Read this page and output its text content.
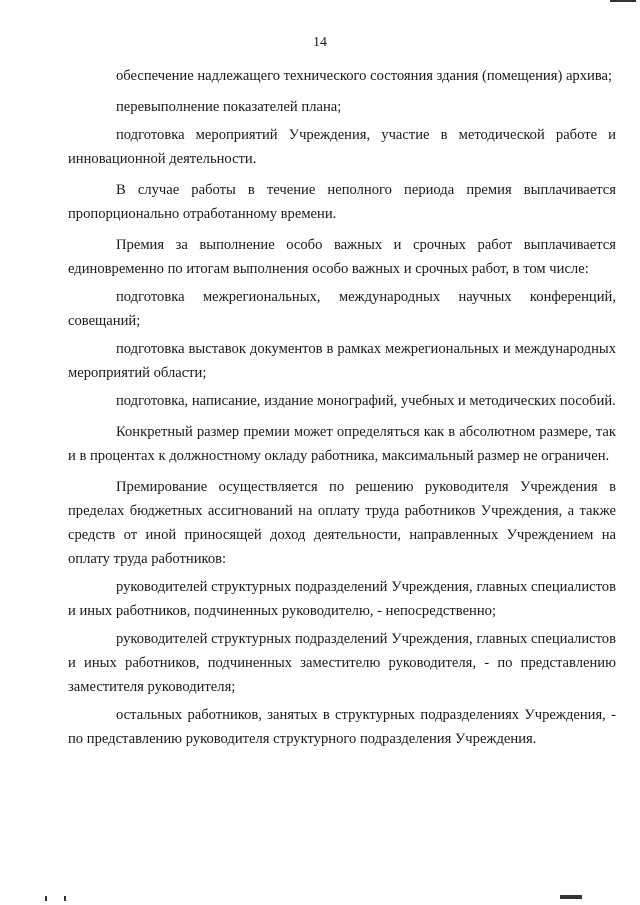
14

обеспечение надлежащего технического состояния здания (помещения) архива;

перевыполнение показателей плана;

подготовка мероприятий Учреждения, участие в методической работе и инновационной деятельности.

В случае работы в течение неполного периода премия выплачивается пропорционально отработанному времени.

Премия за выполнение особо важных и срочных работ выплачивается единовременно по итогам выполнения особо важных и срочных работ, в том числе:

подготовка межрегиональных, международных научных конференций, совещаний;

подготовка выставок документов в рамках межрегиональных и международных мероприятий области;

подготовка, написание, издание монографий, учебных и методических пособий.

Конкретный размер премии может определяться как в абсолютном размере, так и в процентах к должностному окладу работника, максимальный размер не ограничен.

Премирование осуществляется по решению руководителя Учреждения в пределах бюджетных ассигнований на оплату труда работников Учреждения, а также средств от иной приносящей доход деятельности, направленных Учреждением на оплату труда работников:

руководителей структурных подразделений Учреждения, главных специалистов и иных работников, подчиненных руководителю, - непосредственно;

руководителей структурных подразделений Учреждения, главных специалистов и иных работников, подчиненных заместителю руководителя, - по представлению заместителя руководителя;

остальных работников, занятых в структурных подразделениях Учреждения, - по представлению руководителя структурного подразделения Учреждения.
